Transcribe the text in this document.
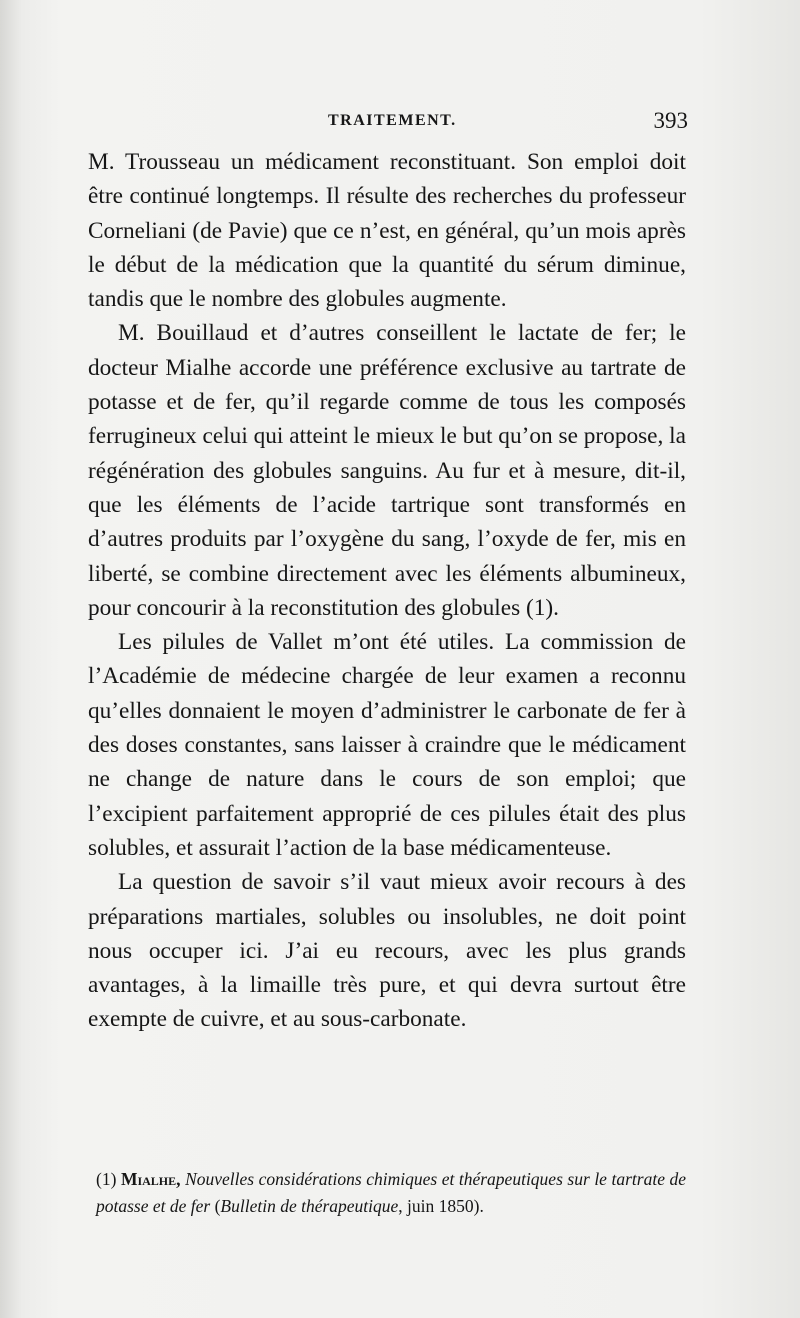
TRAITEMENT.	393

M. Trousseau un médicament reconstituant. Son emploi doit être continué longtemps. Il résulte des recherches du professeur Corneliani (de Pavie) que ce n’est, en général, qu’un mois après le début de la médication que la quantité du sérum diminue, tandis que le nombre des globules augmente.

M. Bouillaud et d’autres conseillent le lactate de fer; le docteur Mialhe accorde une préférence exclusive au tartrate de potasse et de fer, qu’il regarde comme de tous les composés ferrugineux celui qui atteint le mieux le but qu’on se propose, la régénération des globules sanguins. Au fur et à mesure, dit-il, que les éléments de l’acide tartrique sont transformés en d’autres produits par l’oxygène du sang, l’oxyde de fer, mis en liberté, se combine directement avec les éléments albumineux, pour concourir à la reconstitution des globules (1).

Les pilules de Vallet m’ont été utiles. La commission de l’Académie de médecine chargée de leur examen a reconnu qu’elles donnaient le moyen d’administrer le carbonate de fer à des doses constantes, sans laisser à craindre que le médicament ne change de nature dans le cours de son emploi; que l’excipient parfaitement approprié de ces pilules était des plus solubles, et assurait l’action de la base médicamenteuse.

La question de savoir s’il vaut mieux avoir recours à des préparations martiales, solubles ou insolubles, ne doit point nous occuper ici. J’ai eu recours, avec les plus grands avantages, à la limaille très pure, et qui devra surtout être exempte de cuivre, et au sous-carbonate.

(1) Mialhe, Nouvelles considérations chimiques et thérapeutiques sur le tartrate de potasse et de fer (Bulletin de thérapeutique, juin 1850).
